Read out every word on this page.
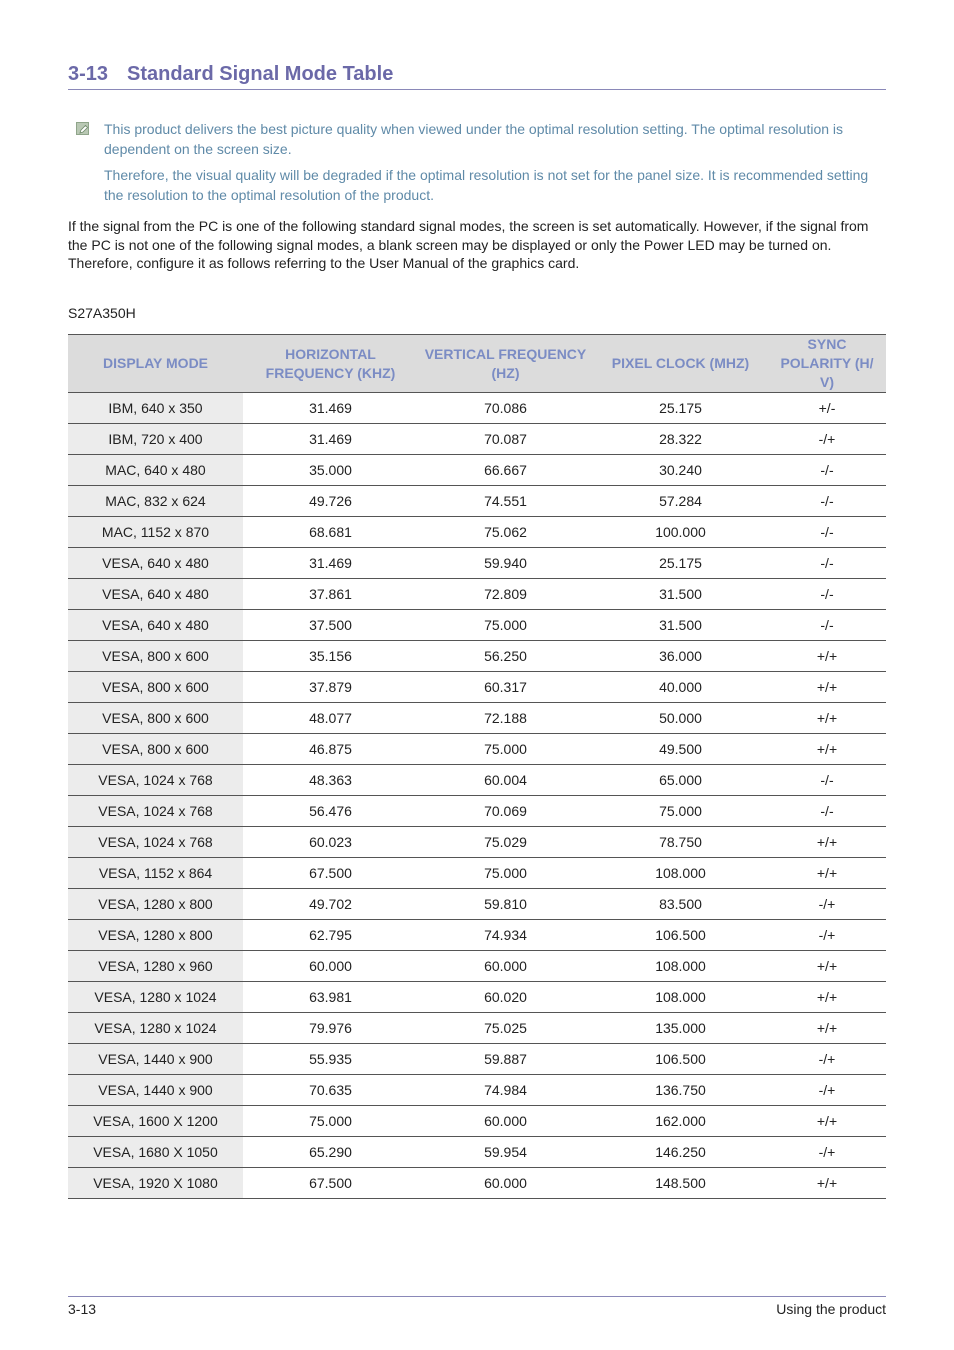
3-13 Standard Signal Mode Table

This product delivers the best picture quality when viewed under the optimal resolution setting. The optimal resolution is dependent on the screen size.

Therefore, the visual quality will be degraded if the optimal resolution is not set for the panel size. It is recommended setting the resolution to the optimal resolution of the product.

If the signal from the PC is one of the following standard signal modes, the screen is set automatically. However, if the signal from the PC is not one of the following signal modes, a blank screen may be displayed or only the Power LED may be turned on. Therefore, configure it as follows referring to the User Manual of the graphics card.

S27A350H

DISPLAY MODE	HORIZONTAL FREQUENCY (KHZ)	VERTICAL FREQUENCY (HZ)	PIXEL CLOCK (MHZ)	SYNC POLARITY (H/ V)
IBM, 640 x 350	31.469	70.086	25.175	+/-
IBM, 720 x 400	31.469	70.087	28.322	-/+
MAC, 640 x 480	35.000	66.667	30.240	-/-
MAC, 832 x 624	49.726	74.551	57.284	-/-
MAC, 1152 x 870	68.681	75.062	100.000	-/-
VESA, 640 x 480	31.469	59.940	25.175	-/-
VESA, 640 x 480	37.861	72.809	31.500	-/-
VESA, 640 x 480	37.500	75.000	31.500	-/-
VESA, 800 x 600	35.156	56.250	36.000	+/+
VESA, 800 x 600	37.879	60.317	40.000	+/+
VESA, 800 x 600	48.077	72.188	50.000	+/+
VESA, 800 x 600	46.875	75.000	49.500	+/+
VESA, 1024 x 768	48.363	60.004	65.000	-/-
VESA, 1024 x 768	56.476	70.069	75.000	-/-
VESA, 1024 x 768	60.023	75.029	78.750	+/+
VESA, 1152 x 864	67.500	75.000	108.000	+/+
VESA, 1280 x 800	49.702	59.810	83.500	-/+
VESA, 1280 x 800	62.795	74.934	106.500	-/+
VESA, 1280 x 960	60.000	60.000	108.000	+/+
VESA, 1280 x 1024	63.981	60.020	108.000	+/+
VESA, 1280 x 1024	79.976	75.025	135.000	+/+
VESA, 1440 x 900	55.935	59.887	106.500	-/+
VESA, 1440 x 900	70.635	74.984	136.750	-/+
VESA, 1600 X 1200	75.000	60.000	162.000	+/+
VESA, 1680 X 1050	65.290	59.954	146.250	-/+
VESA, 1920 X 1080	67.500	60.000	148.500	+/+
3-13	Using the product
